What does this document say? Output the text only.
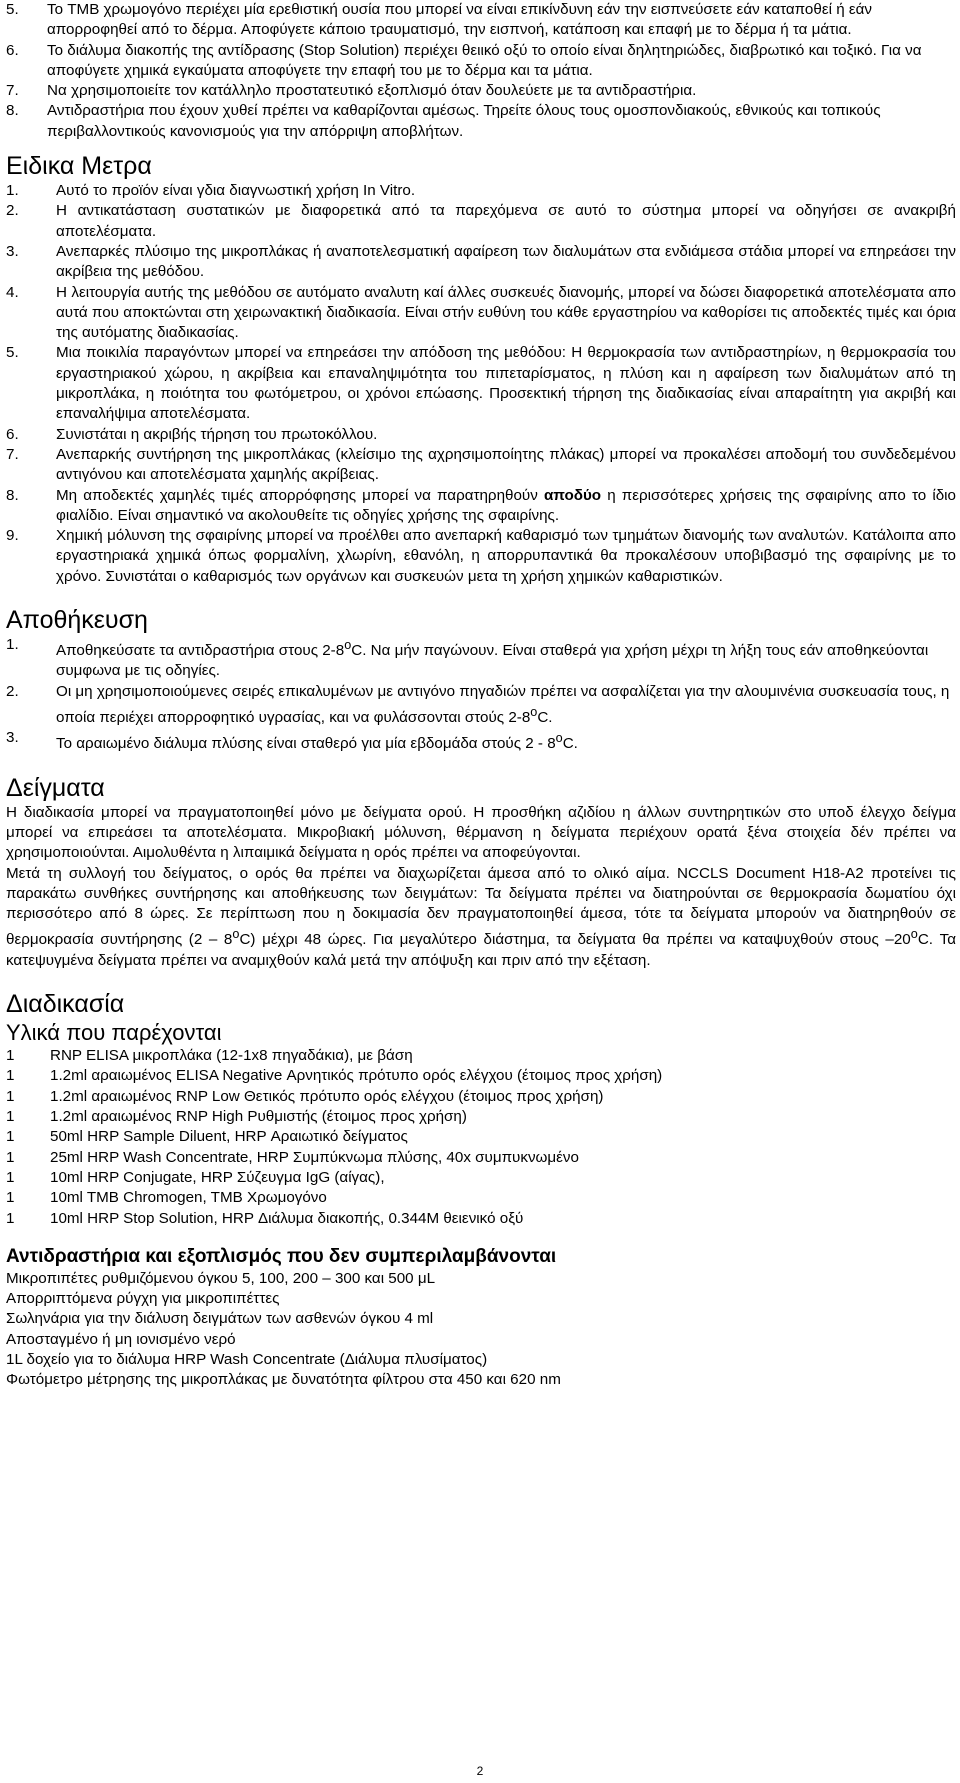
5.	Το TMB χρωμογόνο περιέχει μία ερεθιστική ουσία που μπορεί να είναι επικίνδυνη εάν την εισπνεύσετε εάν καταποθεί ή εάν απορροφηθεί από το δέρμα. Αποφύγετε κάποιο τραυματισμό, την εισπνοή, κατάποση και επαφή με το δέρμα ή τα μάτια.
6.	Το διάλυμα διακοπής της αντίδρασης (Stop Solution) περιέχει θειικό οξύ το οποίο είναι δηλητηριώδες, διαβρωτικό και τοξικό. Για να αποφύγετε χημικά εγκαύματα αποφύγετε την επαφή του με το δέρμα και τα μάτια.
7.	Να χρησιμοποιείτε τον κατάλληλο προστατευτικό εξοπλισμό όταν δουλεύετε με τα αντιδραστήρια.
8.	Αντιδραστήρια που έχουν χυθεί πρέπει να καθαρίζονται αμέσως. Τηρείτε όλους τους ομοσπονδιακούς, εθνικούς και τοπικούς περιβαλλοντικούς κανονισμούς για την απόρριψη αποβλήτων.
Ειδικα Μετρα
1.	Αυτό το προϊόν είναι γδια διαγνωστική χρήση In Vitro.
2.	Η αντικατάσταση συστατικών με διαφορετικά από τα παρεχόμενα σε αυτό το σύστημα μπορεί να οδηγήσει σε ανακριβή αποτελέσματα.
3.	Ανεπαρκές πλύσιμο της μικροπλάκας ή αναποτελεσματική αφαίρεση των διαλυμάτων στα ενδιάμεσα στάδια μπορεί να επηρεάσει την ακρίβεια της μεθόδου.
4.	Η λειτουργία αυτής της μεθόδου σε αυτόματο αναλυτη καί άλλες συσκευές διανομής, μπορεί να δώσει διαφορετικά αποτελέσματα απο αυτά που αποκτώνται στη χειρωνακτική διαδικασία. Είναι στήν ευθύνη του κάθε εργαστηρίου να καθορίσει τις αποδεκτές τιμές και όρια της αυτόματης διαδικασίας.
5.	Μια ποικιλία παραγόντων μπορεί να επηρεάσει την απόδοση της μεθόδου: Η θερμοκρασία των αντιδραστηρίων, η θερμοκρασία του εργαστηριακού χώρου, η ακρίβεια και επαναληψιμότητα του πιπεταρίσματος, η πλύση και η αφαίρεση των διαλυμάτων από τη μικροπλάκα, η ποιότητα του φωτόμετρου, οι χρόνοι επώασης. Προσεκτική τήρηση της διαδικασίας είναι απαραίτητη για ακριβή και επαναλήψιμα αποτελέσματα.
6.	Συνιστάται η ακριβής τήρηση του πρωτοκόλλου.
7.	Ανεπαρκής συντήρηση της μικροπλάκας (κλείσιμο της αχρησιμοποίητης πλάκας) μπορεί να προκαλέσει αποδομή του συνδεδεμένου αντιγόνου και αποτελέσματα χαμηλής ακρίβειας.
8.	Μη αποδεκτές χαμηλές τιμές απορρόφησης μπορεί να παρατηρηθούν αποδύο η περισσότερες χρήσεις της σφαιρίνης απο το ίδιο φιαλίδιο. Είναι σημαντικό να ακολουθείτε τις οδηγίες χρήσης της σφαιρίνης.
9.	Χημική μόλυνση της σφαιρίνης μπορεί να προέλθει απο ανεπαρκή καθαρισμό των τμημάτων διανομής των αναλυτών. Κατάλοιπα απο εργαστηριακά χημικά όπως φορμαλίνη, χλωρίνη, εθανόλη, η απορρυπαντικά θα προκαλέσουν υποβιβασμό της σφαιρίνης με το χρόνο. Συνιστάται ο καθαρισμός των οργάνων και συσκευών μετα τη χρήση χημικών καθαριστικών.
Αποθήκευση
1.	Αποθηκεύσατε τα αντιδραστήρια στους 2-8$^o$C. Να μήν παγώνουν. Είναι σταθερά για χρήση μέχρι τη λήξη τους εάν αποθηκεύονται συμφωνα με τις οδηγίες.
2.	Οι μη χρησιμοποιούμενες σειρές επικαλυμένων με αντιγόνο πηγαδιών πρέπει να ασφαλίζεται για την αλουμινένια συσκευασία τους, η οποία περιέχει απορροφητικό υγρασίας, και να φυλάσσονται στούς 2-8$^o$C.
3.	Το αραιωμένο διάλυμα πλύσης είναι σταθερό για μία εβδομάδα στούς 2 - 8$^o$C.
Δείγματα

Η διαδικασία μπορεί να πραγματοποιηθεί μόνο με δείγματα ορού. Η προσθήκη αζιδίου η άλλων συντηρητικών στο υποδ έλεγχο δείγμα μπορεί να επιρεάσει τα αποτελέσματα. Μικροβιακή μόλυνση, θέρμανση η δείγματα περιέχουν ορατά ξένα στοιχεία δέν πρέπει να χρησιμοποιούνται. Αιμολυθέντα η λιπαιμικά δείγματα η ορός πρέπει να αποφεύγονται.

Μετά τη συλλογή του δείγματος, ο ορός θα πρέπει να διαχωρίζεται άμεσα από το ολικό αίμα. NCCLS Document H18-A2 προτείνει τις παρακάτω συνθήκες συντήρησης και αποθήκευσης των δειγμάτων: Τα δείγματα πρέπει να διατηρούνται σε θερμοκρασία δωματίου όχι περισσότερο από 8 ώρες. Σε περίπτωση που η δοκιμασία δεν πραγματοποιηθεί άμεσα, τότε τα δείγματα μπορούν να διατηρηθούν σε θερμοκρασία συντήρησης (2 – 8$^o$C) μέχρι 48 ώρες. Για μεγαλύτερο διάστημα, τα δείγματα θα πρέπει να καταψυχθούν στους –20$^o$C. Τα κατεψυγμένα δείγματα πρέπει να αναμιχθούν καλά μετά την απόψυξη και πριν από την εξέταση.

Διαδικασία
Υλικά που παρέχονται
1	RNP ELISA μικροπλάκα (12-1x8 πηγαδάκια), με βάση
1	1.2ml αραιωμένος ELISA Negative Αρνητικός πρότυπο ορός ελέγχου (έτοιμος προς χρήση)
1	1.2ml αραιωμένος RNP Low Θετικός πρότυπο ορός ελέγχου (έτοιμος προς χρήση)
1	1.2ml αραιωμένος RNP High Ρυθμιστής (έτοιμος προς χρήση)
1	50ml HRP Sample Diluent, HRP Αραιωτικό δείγματος
1	25ml HRP Wash Concentrate, HRP Συμπύκνωμα πλύσης, 40x συμπυκνωμένο
1	10ml HRP Conjugate, HRP Σύζευγμα IgG (αίγας),
1	10ml TMB Chromogen, TMB Χρωμογόνο
1	10ml HRP Stop Solution, HRP Διάλυμα διακοπής, 0.344M θειενικό οξύ
Αντιδραστήρια και εξοπλισμός που δεν συμπεριλαμβάνονται
Μικροπιπέτες ρυθμιζόμενου όγκου 5, 100, 200 – 300 και 500 μL
Απορριπτόμενα ρύγχη για μικροπιπέττες
Σωληνάρια για την διάλυση δειγμάτων των ασθενών όγκου 4 ml
Αποσταγμένο ή μη ιονισμένο νερό
1L δοχείο για το διάλυμα HRP Wash Concentrate (Διάλυμα πλυσίματος)
Φωτόμετρο μέτρησης της μικροπλάκας με δυνατότητα φίλτρου στα 450 και 620 nm
2
